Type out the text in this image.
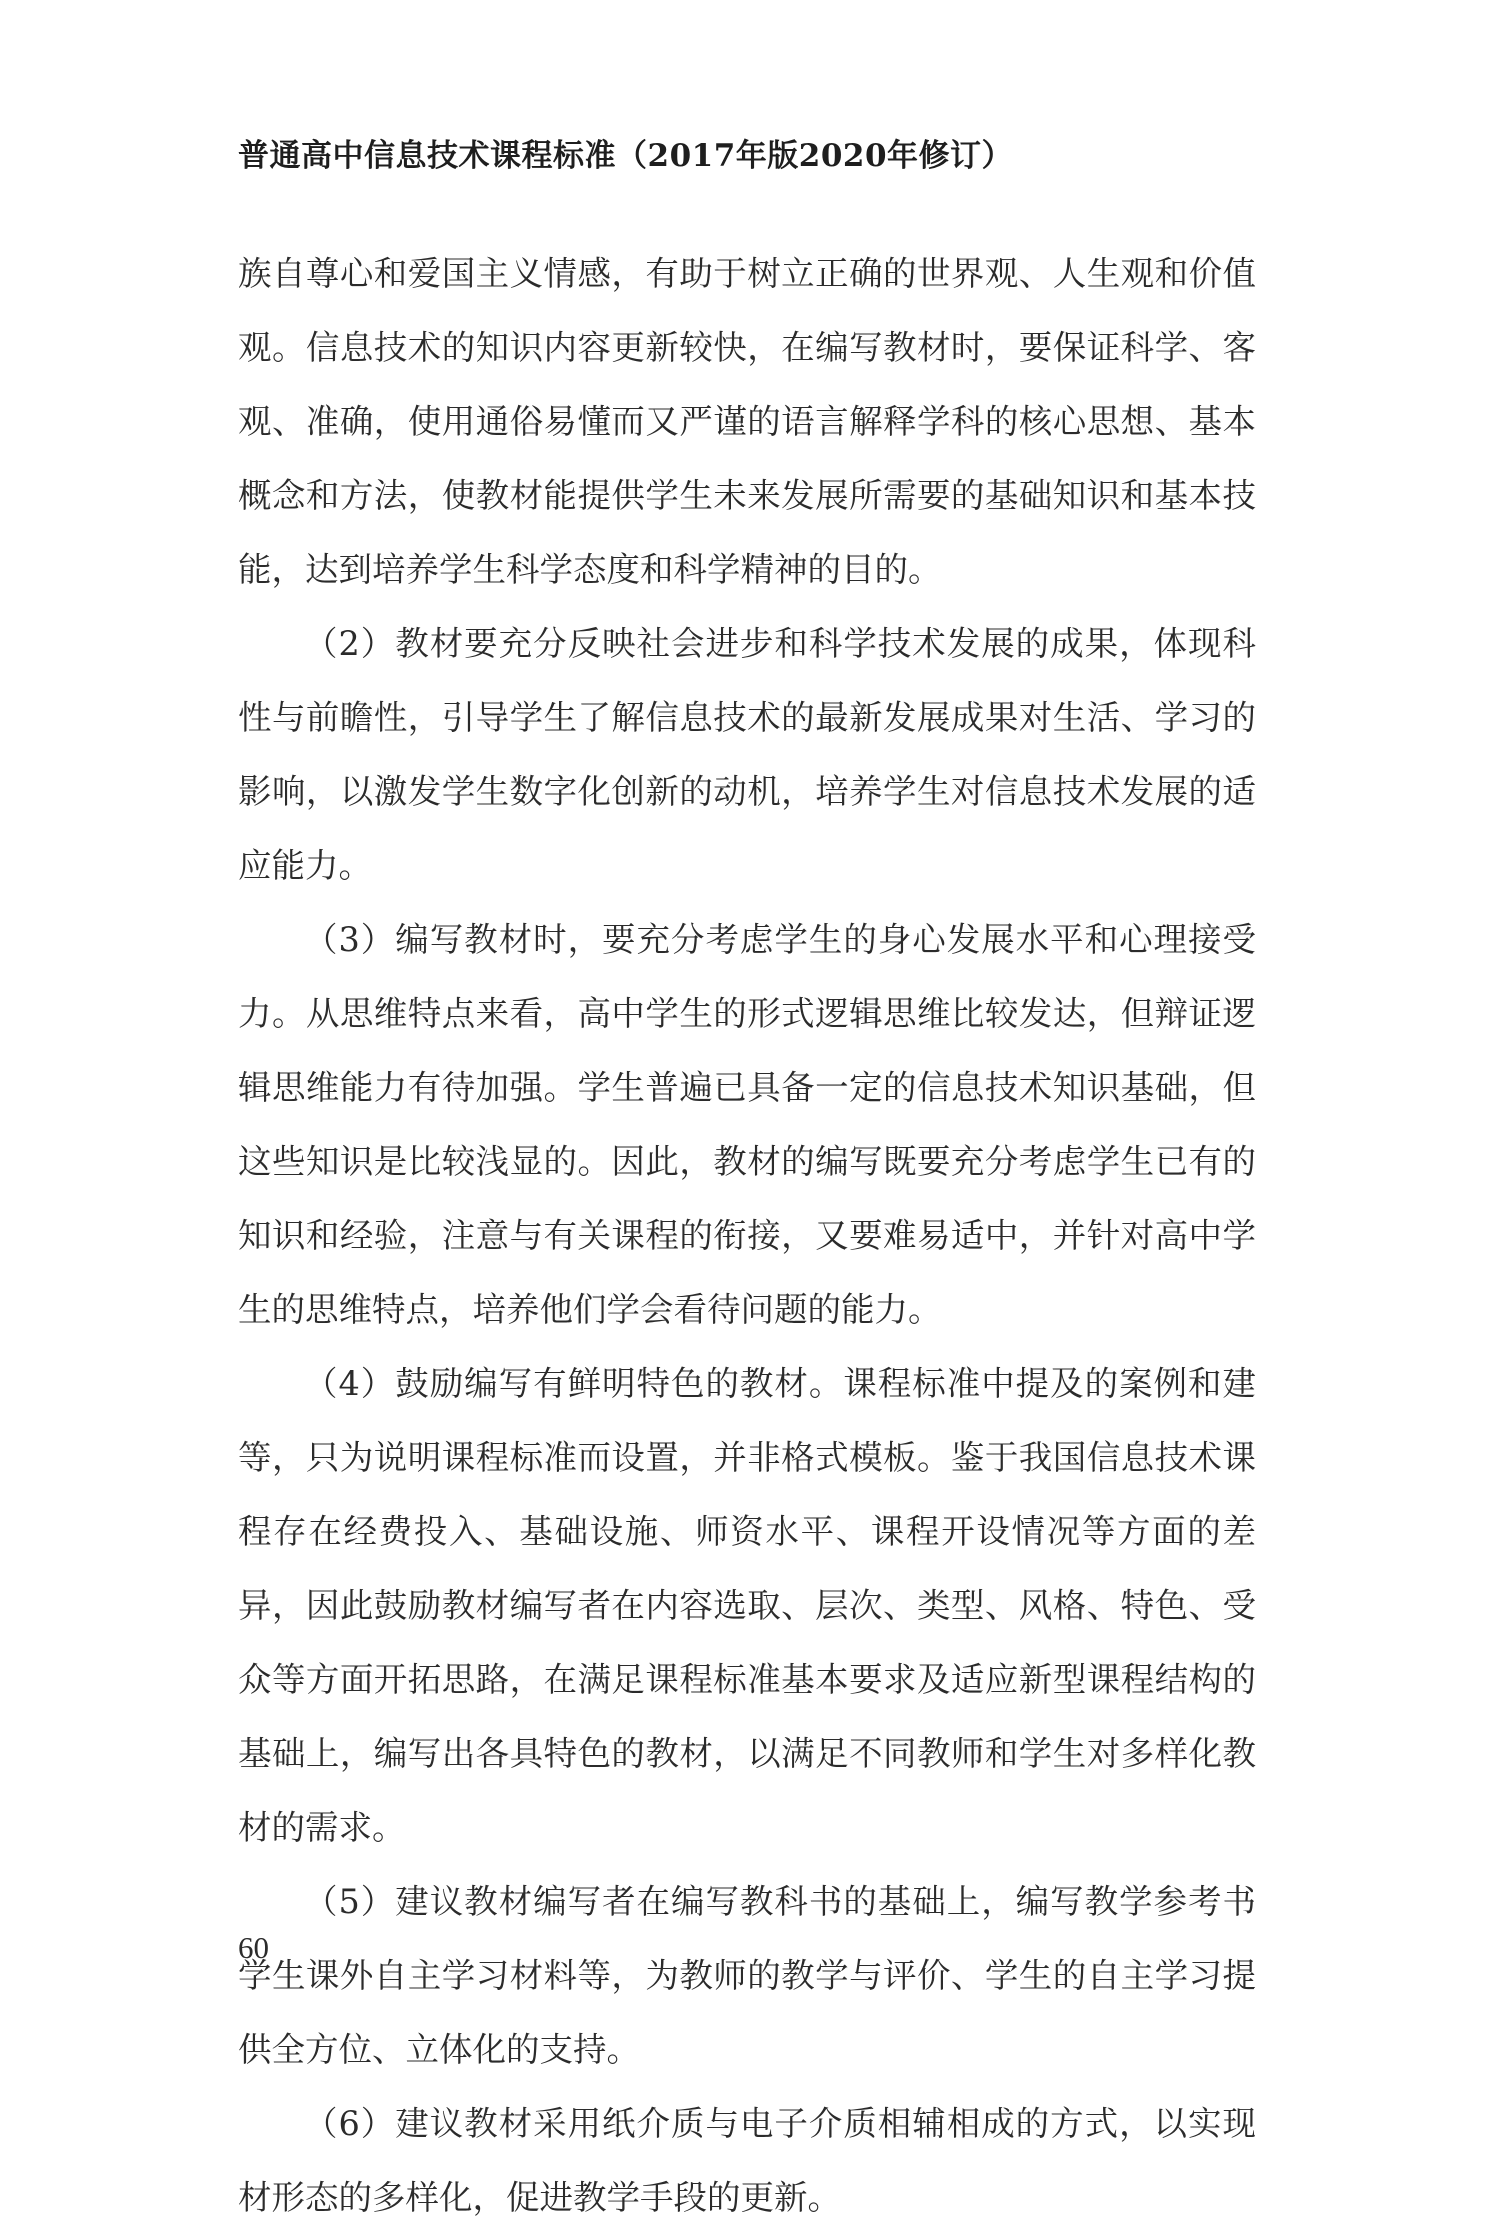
普通高中信息技术课程标准（2017年版2020年修订）
族自尊心和爱国主义情感，有助于树立正确的世界观、人生观和价值
观。信息技术的知识内容更新较快，在编写教材时，要保证科学、客
观、准确，使用通俗易懂而又严谨的语言解释学科的核心思想、基本
概念和方法，使教材能提供学生未来发展所需要的基础知识和基本技
能，达到培养学生科学态度和科学精神的目的。
（2）教材要充分反映社会进步和科学技术发展的成果，体现科
性与前瞻性，引导学生了解信息技术的最新发展成果对生活、学习的
影响，以激发学生数字化创新的动机，培养学生对信息技术发展的适
应能力。
（3）编写教材时，要充分考虑学生的身心发展水平和心理接受
力。从思维特点来看，高中学生的形式逻辑思维比较发达，但辩证逻
辑思维能力有待加强。学生普遍已具备一定的信息技术知识基础，但
这些知识是比较浅显的。因此，教材的编写既要充分考虑学生已有的
知识和经验，注意与有关课程的衔接，又要难易适中，并针对高中学
生的思维特点，培养他们学会看待问题的能力。
（4）鼓励编写有鲜明特色的教材。课程标准中提及的案例和建
等，只为说明课程标准而设置，并非格式模板。鉴于我国信息技术课
程存在经费投入、基础设施、师资水平、课程开设情况等方面的差
异，因此鼓励教材编写者在内容选取、层次、类型、风格、特色、受
众等方面开拓思路，在满足课程标准基本要求及适应新型课程结构的
基础上，编写出各具特色的教材，以满足不同教师和学生对多样化教
材的需求。
（5）建议教材编写者在编写教科书的基础上，编写教学参考书
学生课外自主学习材料等，为教师的教学与评价、学生的自主学习提
供全方位、立体化的支持。
（6）建议教材采用纸介质与电子介质相辅相成的方式，以实现
材形态的多样化，促进教学手段的更新。
60
